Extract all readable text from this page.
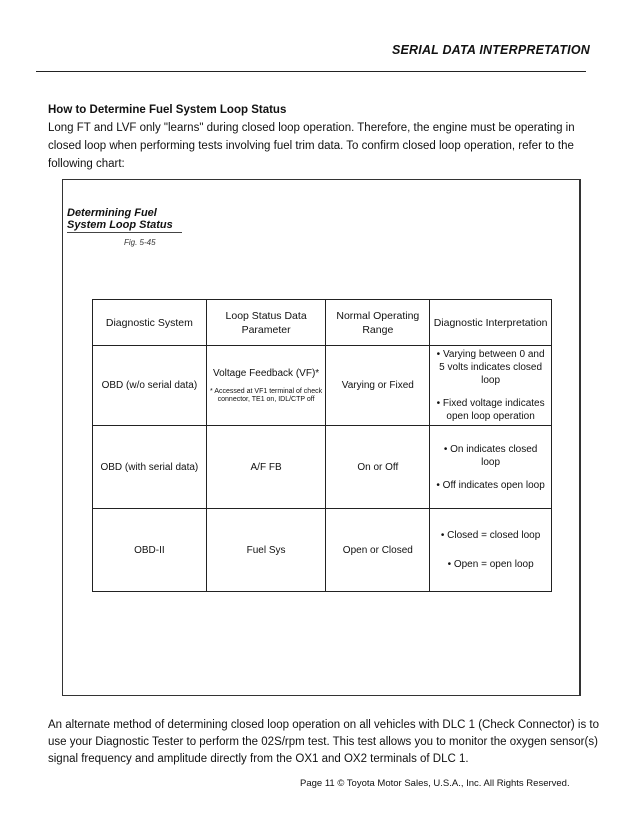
SERIAL DATA INTERPRETATION
How to Determine Fuel System Loop Status
Long FT and LVF only "learns" during closed loop operation. Therefore, the engine must be operating in closed loop when performing tests involving fuel trim data. To confirm closed loop operation, refer to the following chart:
Determining Fuel
System Loop Status
Fig. 5-45
Diagnostic System	Loop Status Data Parameter	Normal Operating Range	Diagnostic Interpretation
OBD (w/o serial data)	Voltage Feedback (VF)*
* Accessed at VF1 terminal of check connector, TE1 on, IDL/CTP off	Varying or Fixed	• Varying between 0 and 5 volts indicates closed loop
• Fixed voltage indicates open loop operation

OBD (with serial data)	A/F FB	On or Off	• On indicates closed loop
• Off indicates open loop

OBD-II	Fuel Sys	Open or Closed	• Closed = closed loop
• Open = open loop
An alternate method of determining closed loop operation on all vehicles with DLC 1 (Check Connector) is to use your Diagnostic Tester to perform the 02S/rpm test. This test allows you to monitor the oxygen sensor(s) signal frequency and amplitude directly from the OX1 and OX2 terminals of DLC 1.
Page 11 © Toyota Motor Sales, U.S.A., Inc. All Rights Reserved.
